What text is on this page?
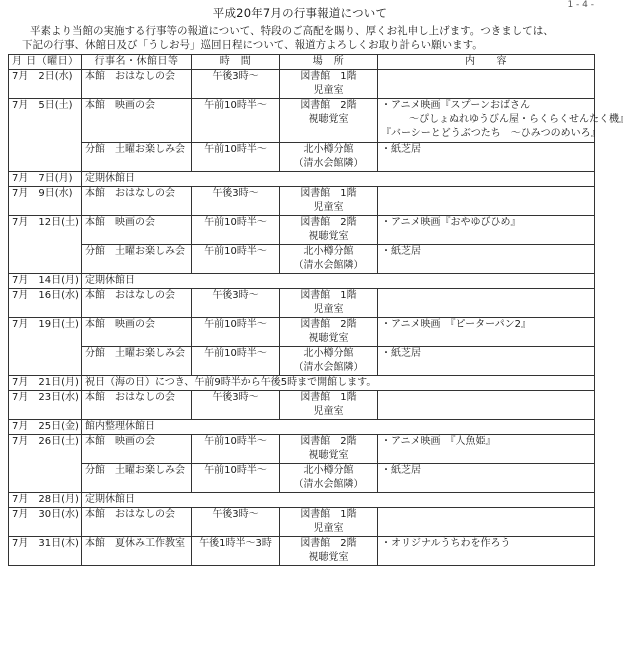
1 - 4 -
平成20年7月の行事報道について
平素より当館の実施する行事等の報道について、特段のご高配を賜り、厚くお礼申し上げます。つきましては、
下記の行事、休館日及び「うしお号」巡回日程について、報道方よろしくお取り計らい願います。
月 日（曜日）	行事名・休館日等	時　間	場　所	内　　容
7月　2日(水)	本館　おはなしの会	午後3時～	図書館　1階
児童室	

7月　5日(土)	本館　映画の会	午前10時半～	図書館　2階
視聴覚室	・アニメ映画『スプーンおばさん
～ぴしょぬれゆうびん屋・らくらくせんたく機』
『バーシーとどうぶつたち　～ひみつのめいろ』

	分館　土曜お楽しみ会	午前10時半～	北小樽分館
（清水会館隣）	・紙芝居

7月　7日(月)	定期休館日			
7月　9日(水)	本館　おはなしの会	午後3時～	図書館　1階
児童室	

7月　12日(土)	本館　映画の会	午前10時半～	図書館　2階
視聴覚室	・アニメ映画『おやゆびひめ』

	分館　土曜お楽しみ会	午前10時半～	北小樽分館
（清水会館隣）	・紙芝居

7月　14日(月)	定期休館日			
7月　16日(水)	本館　おはなしの会	午後3時～	図書館　1階
児童室	

7月　19日(土)	本館　映画の会	午前10時半～	図書館　2階
視聴覚室	・アニメ映画　『ピーターパン2』

	分館　土曜お楽しみ会	午前10時半～	北小樽分館
（清水会館隣）	・紙芝居

7月　21日(月)	祝日（海の日）につき、午前9時半から午後5時まで開館します。			
7月　23日(水)	本館　おはなしの会	午後3時～	図書館　1階
児童室	

7月　25日(金)	館内整理休館日			
7月　26日(土)	本館　映画の会	午前10時半～	図書館　2階
視聴覚室	・アニメ映画　『人魚姫』

	分館　土曜お楽しみ会	午前10時半～	北小樽分館
（清水会館隣）	・紙芝居

7月　28日(月)	定期休館日			
7月　30日(水)	本館　おはなしの会	午後3時～	図書館　1階
児童室	

7月　31日(木)	本館　夏休み工作教室	午後1時半～3時	図書館　2階
視聴覚室	・オリジナルうちわを作ろう
